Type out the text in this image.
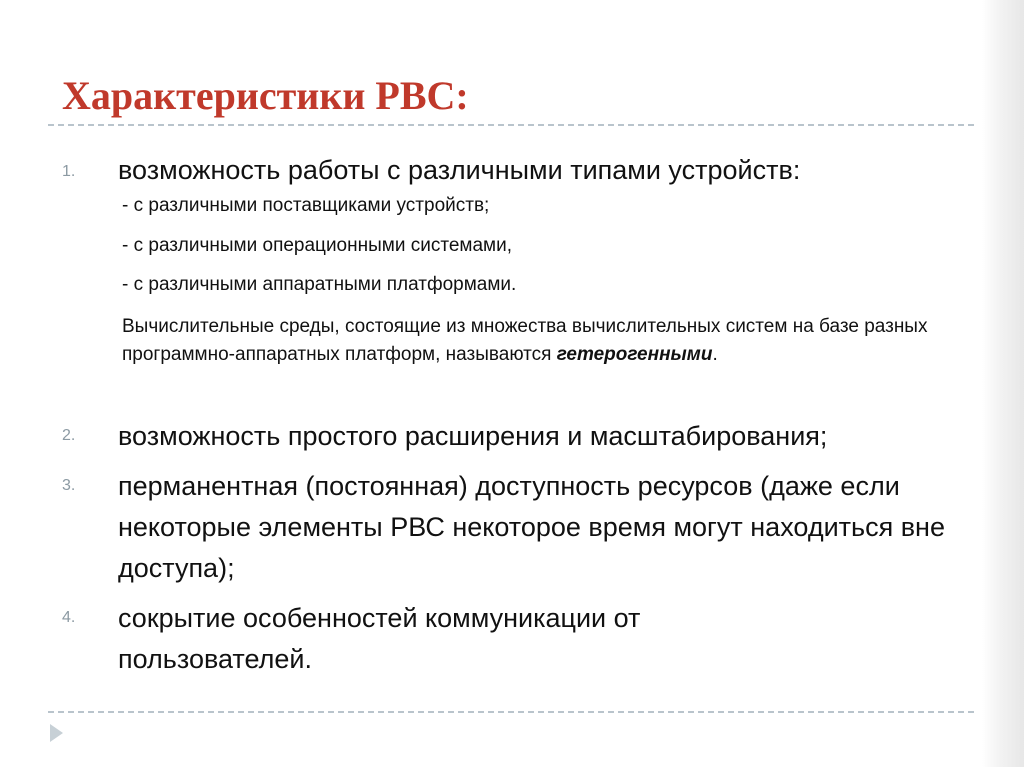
Характеристики РВС:
1. возможность работы с различными типами устройств:
- с различными поставщиками устройств;
- с различными операционными системами,
- с различными аппаратными платформами.
Вычислительные среды, состоящие из множества вычислительных систем на базе разных программно-аппаратных платформ, называются гетерогенными.
2. возможность простого расширения и масштабирования;
3. перманентная (постоянная) доступность ресурсов (даже если некоторые элементы РВС некоторое время могут находиться вне доступа);
4. сокрытие особенностей коммуникации от пользователей.
